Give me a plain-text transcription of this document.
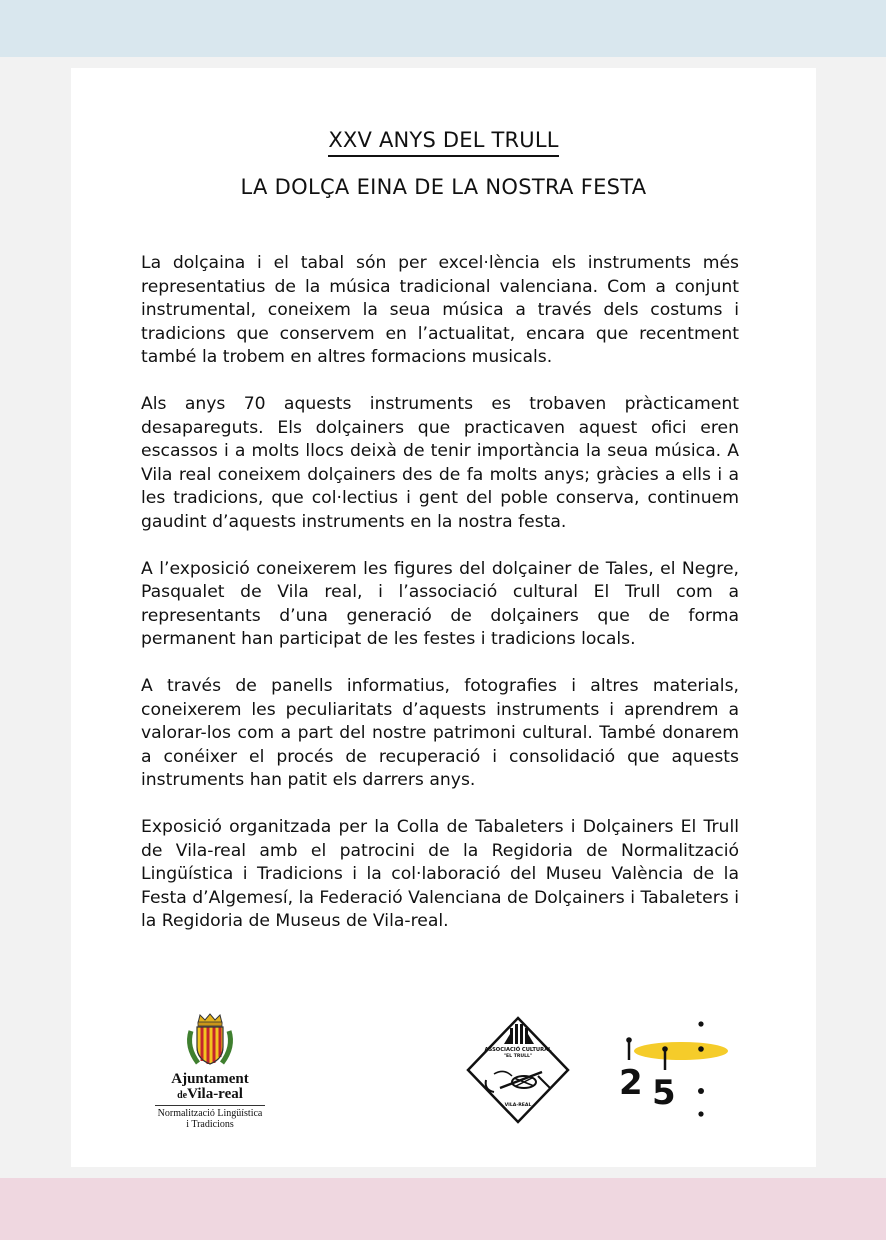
XXV ANYS DEL TRULL
LA DOLÇA EINA DE LA NOSTRA FESTA

La dolçaina i el tabal són per excel·lència els instruments més representatius de la música tradicional valenciana. Com a conjunt instrumental, coneixem la seua música a través dels costums i tradicions que conservem en l’actualitat, encara que recentment també la trobem en altres formacions musicals.

Als anys 70 aquests instruments es trobaven pràcticament desapareguts. Els dolçainers que practicaven aquest ofici eren escassos i a molts llocs deixà de tenir importància la seua música. A Vila real coneixem dolçainers des de fa molts anys; gràcies a ells i a les tradicions, que col·lectius i gent del poble conserva, continuem gaudint d’aquests instruments en la nostra festa.

A l’exposició coneixerem les figures del dolçainer de Tales, el Negre, Pasqualet de Vila real, i l’associació cultural El Trull com a representants d’una generació de dolçainers que de forma permanent han participat de les festes i tradicions locals.

A través de panells informatius, fotografies i altres materials, coneixerem les peculiaritats d’aquests instruments i aprendrem a valorar-los com a part del nostre patrimoni cultural. També donarem a conéixer el procés de recuperació i consolidació que aquests instruments han patit els darrers anys.

Exposició organitzada per la Colla de Tabaleters i Dolçainers El Trull de Vila-real amb el patrocini de la Regidoria de Normalització Lingüística i Tradicions i la col·laboració del Museu València de la Festa d’Algemesí, la Federació Valenciana de Dolçainers i Tabaleters i la Regidoria de Museus de Vila-real.

Ajuntament
deVila-real
Normalització Lingüística
i Tradicions
ASSOCIACIÓ CULTURAL
"EL TRULL"
VILA-REAL
2 5
